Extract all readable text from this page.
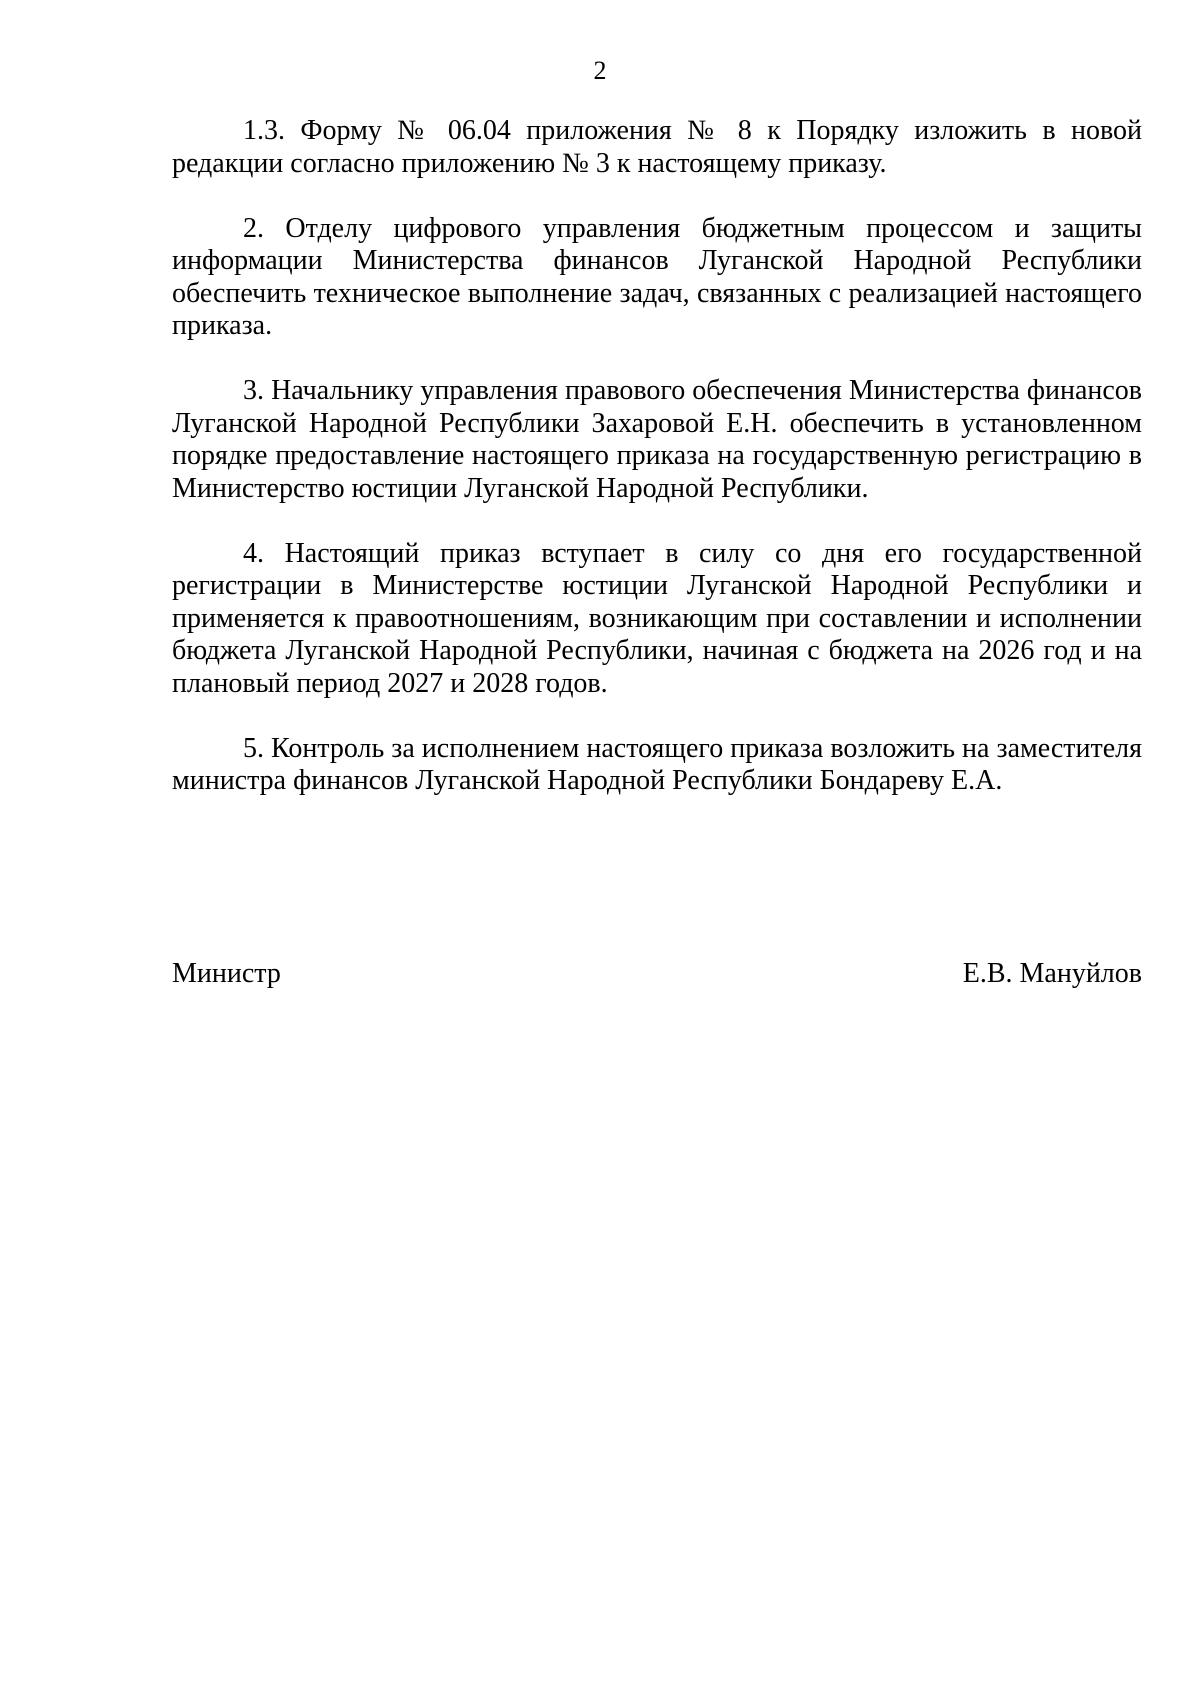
2

1.3. Форму № 06.04 приложения № 8 к Порядку изложить в новой редакции согласно приложению № 3 к настоящему приказу.

2. Отделу цифрового управления бюджетным процессом и защиты информации Министерства финансов Луганской Народной Республики обеспечить техническое выполнение задач, связанных с реализацией настоящего приказа.

3. Начальнику управления правового обеспечения Министерства финансов Луганской Народной Республики Захаровой Е.Н. обеспечить в установленном порядке предоставление настоящего приказа на государственную регистрацию в Министерство юстиции Луганской Народной Республики.

4. Настоящий приказ вступает в силу со дня его государственной регистрации в Министерстве юстиции Луганской Народной Республики и применяется к правоотношениям, возникающим при составлении и исполнении бюджета Луганской Народной Республики, начиная с бюджета на 2026 год и на плановый период 2027 и 2028 годов.

5. Контроль за исполнением настоящего приказа возложить на заместителя министра финансов Луганской Народной Республики Бондареву Е.А.

Министр	Е.В. Мануйлов
